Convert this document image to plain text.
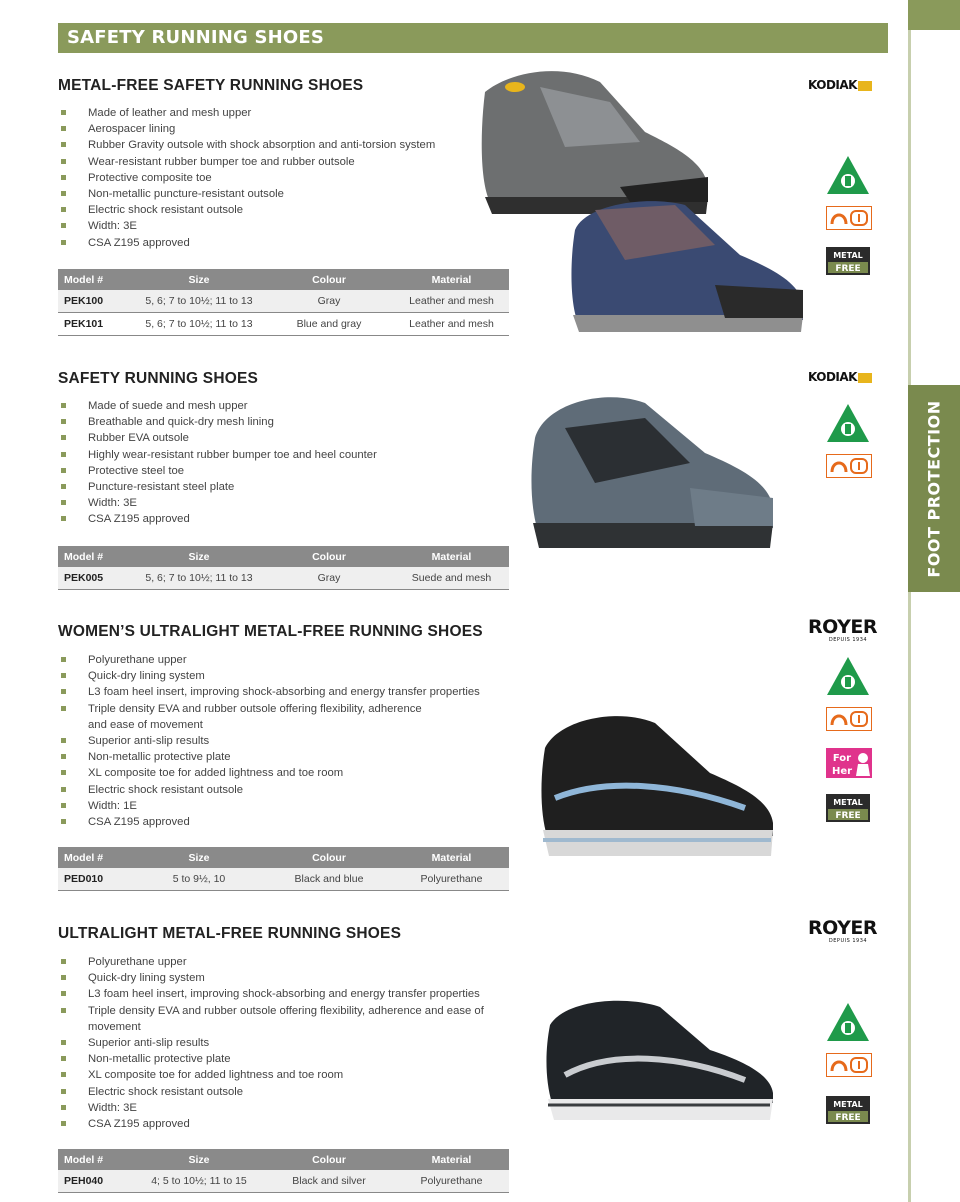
SAFETY RUNNING SHOES
FOOT PROTECTION
METAL-FREE SAFETY RUNNING SHOES
Made of leather and mesh upper
Aerospacer lining
Rubber Gravity outsole with shock absorption and anti-torsion system
Wear-resistant rubber bumper toe and rubber outsole
Protective composite toe
Non-metallic puncture-resistant outsole
Electric shock resistant outsole
Width: 3E
CSA Z195 approved
Model #	Size	Colour	Material
PEK100	5, 6; 7 to 10½; 11 to 13	Gray	Leather and mesh
PEK101	5, 6; 7 to 10½; 11 to 13	Blue and gray	Leather and mesh
SAFETY RUNNING SHOES
Made of suede and mesh upper
Breathable and quick-dry mesh lining
Rubber EVA outsole
Highly wear-resistant rubber bumper toe and heel counter
Protective steel toe
Puncture-resistant steel plate
Width: 3E
CSA Z195 approved
Model #	Size	Colour	Material
PEK005	5, 6; 7 to 10½; 11 to 13	Gray	Suede and mesh
WOMEN’S ULTRALIGHT METAL-FREE RUNNING SHOES
Polyurethane upper
Quick-dry lining system
L3 foam heel insert, improving shock-absorbing and energy transfer properties
Triple density EVA and rubber outsole offering flexibility, adherence
and ease of movement
Superior anti-slip results
Non-metallic protective plate
XL composite toe for added lightness and toe room
Electric shock resistant outsole
Width: 1E
CSA Z195 approved
Model #	Size	Colour	Material
PED010	5 to 9½, 10	Black and blue	Polyurethane
ULTRALIGHT METAL-FREE RUNNING SHOES
Polyurethane upper
Quick-dry lining system
L3 foam heel insert, improving shock-absorbing and energy transfer properties
Triple density EVA and rubber outsole offering flexibility, adherence and ease of movement
Superior anti-slip results
Non-metallic protective plate
XL composite toe for added lightness and toe room
Electric shock resistant outsole
Width: 3E
CSA Z195 approved
Model #	Size	Colour	Material
PEH040	4; 5 to 10½; 11 to 15	Black and silver	Polyurethane
KODIAK
KODIAK
ROYER
DEPUIS 1934
ROYER
DEPUIS 1934
METAL
FREE
For
Her
METAL
FREE
METAL
FREE
